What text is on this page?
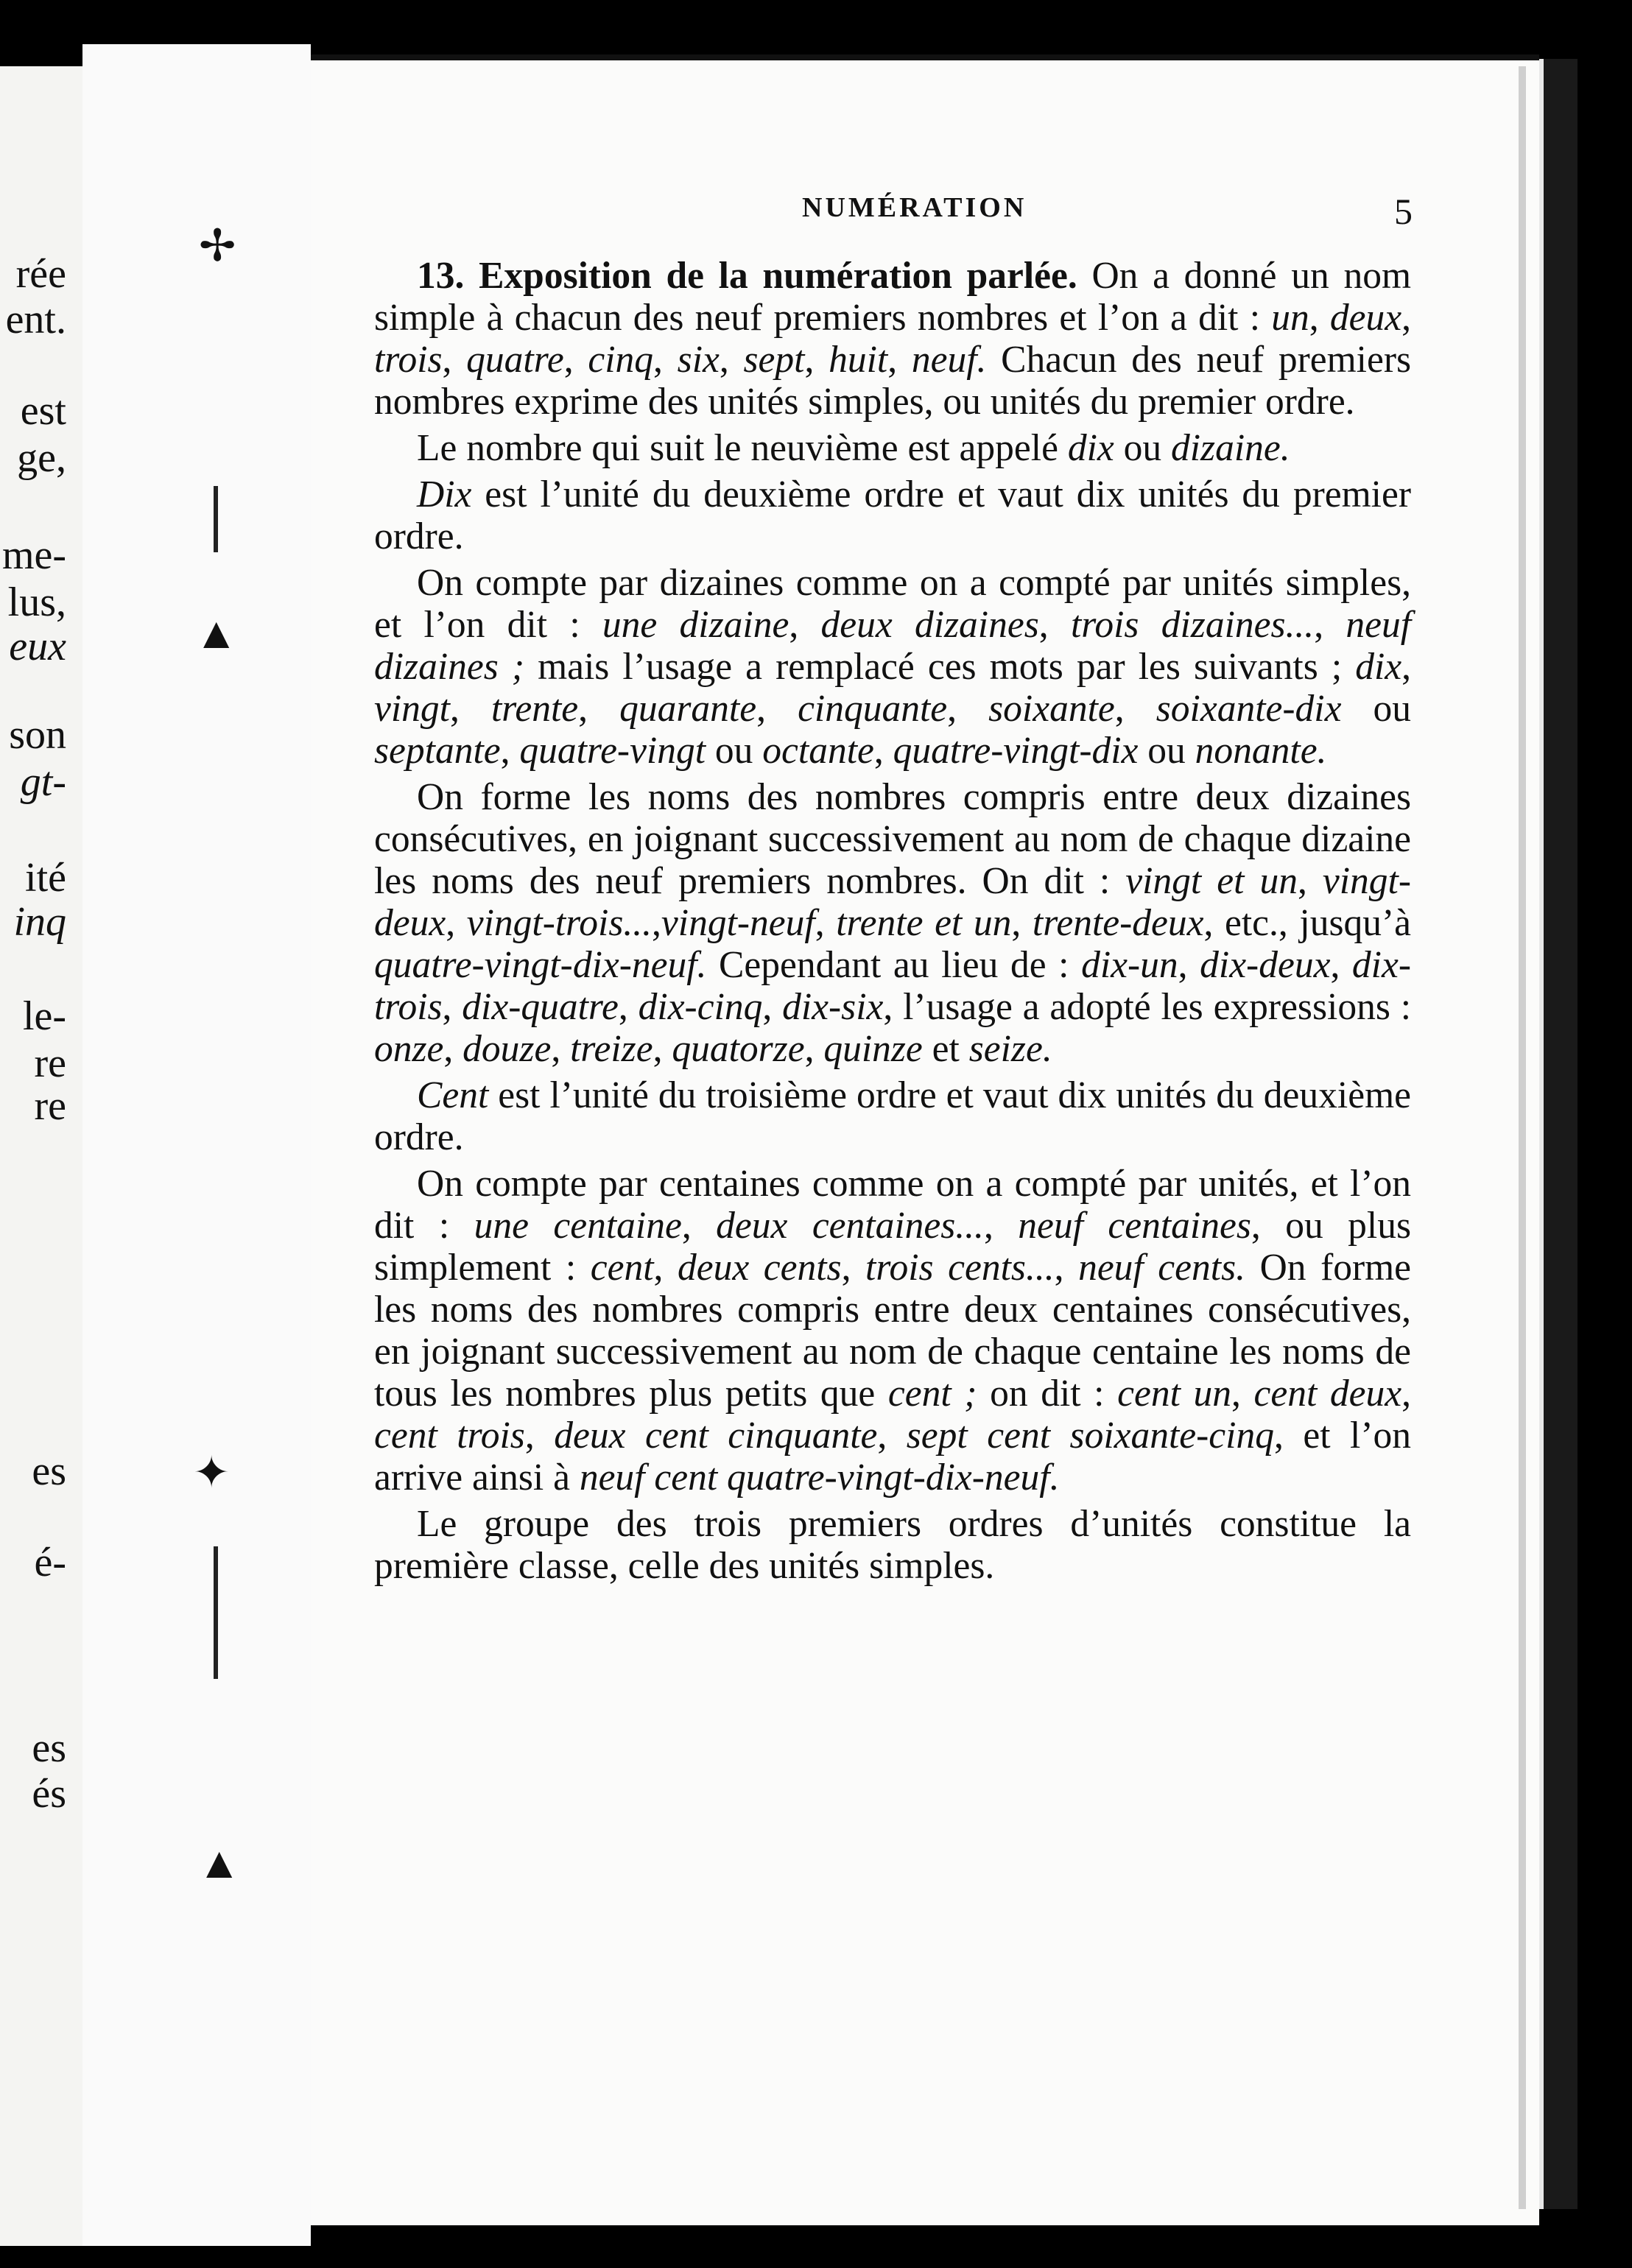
rée
ent.
est
ge,
me-
lus,
eux
son
gt-
ité
inq
le-
re
re
es
é-
es
és
✢
▲
✦
▲
NUMÉRATION	5

13. Exposition de la numération parlée. On a donné un nom simple à chacun des neuf premiers nombres et l’on a dit : un, deux, trois, quatre, cinq, six, sept, huit, neuf. Chacun des neuf premiers nombres exprime des unités simples, ou unités du premier ordre.

Le nombre qui suit le neuvième est appelé dix ou dizaine.

Dix est l’unité du deuxième ordre et vaut dix unités du premier ordre.

On compte par dizaines comme on a compté par unités simples, et l’on dit : une dizaine, deux dizaines, trois dizaines..., neuf dizaines ; mais l’usage a remplacé ces mots par les suivants ; dix, vingt, trente, quarante, cinquante, soixante, soixante-dix ou septante, quatre-vingt ou octante, quatre-vingt-dix ou nonante.

On forme les noms des nombres compris entre deux dizaines consécutives, en joignant successivement au nom de chaque dizaine les noms des neuf premiers nombres. On dit : vingt et un, vingt-deux, vingt-trois...,vingt-neuf, trente et un, trente-deux, etc., jusqu’à quatre-vingt-dix-neuf. Cependant au lieu de : dix-un, dix-deux, dix-trois, dix-quatre, dix-cinq, dix-six, l’usage a adopté les expressions : onze, douze, treize, quatorze, quinze et seize.

Cent est l’unité du troisième ordre et vaut dix unités du deuxième ordre.

On compte par centaines comme on a compté par unités, et l’on dit : une centaine, deux centaines..., neuf centaines, ou plus simplement : cent, deux cents, trois cents..., neuf cents. On forme les noms des nombres compris entre deux centaines consécutives, en joignant successivement au nom de chaque centaine les noms de tous les nombres plus petits que cent ; on dit : cent un, cent deux, cent trois, deux cent cinquante, sept cent soixante-cinq, et l’on arrive ainsi à neuf cent quatre-vingt-dix-neuf.

Le groupe des trois premiers ordres d’unités constitue la première classe, celle des unités simples.
